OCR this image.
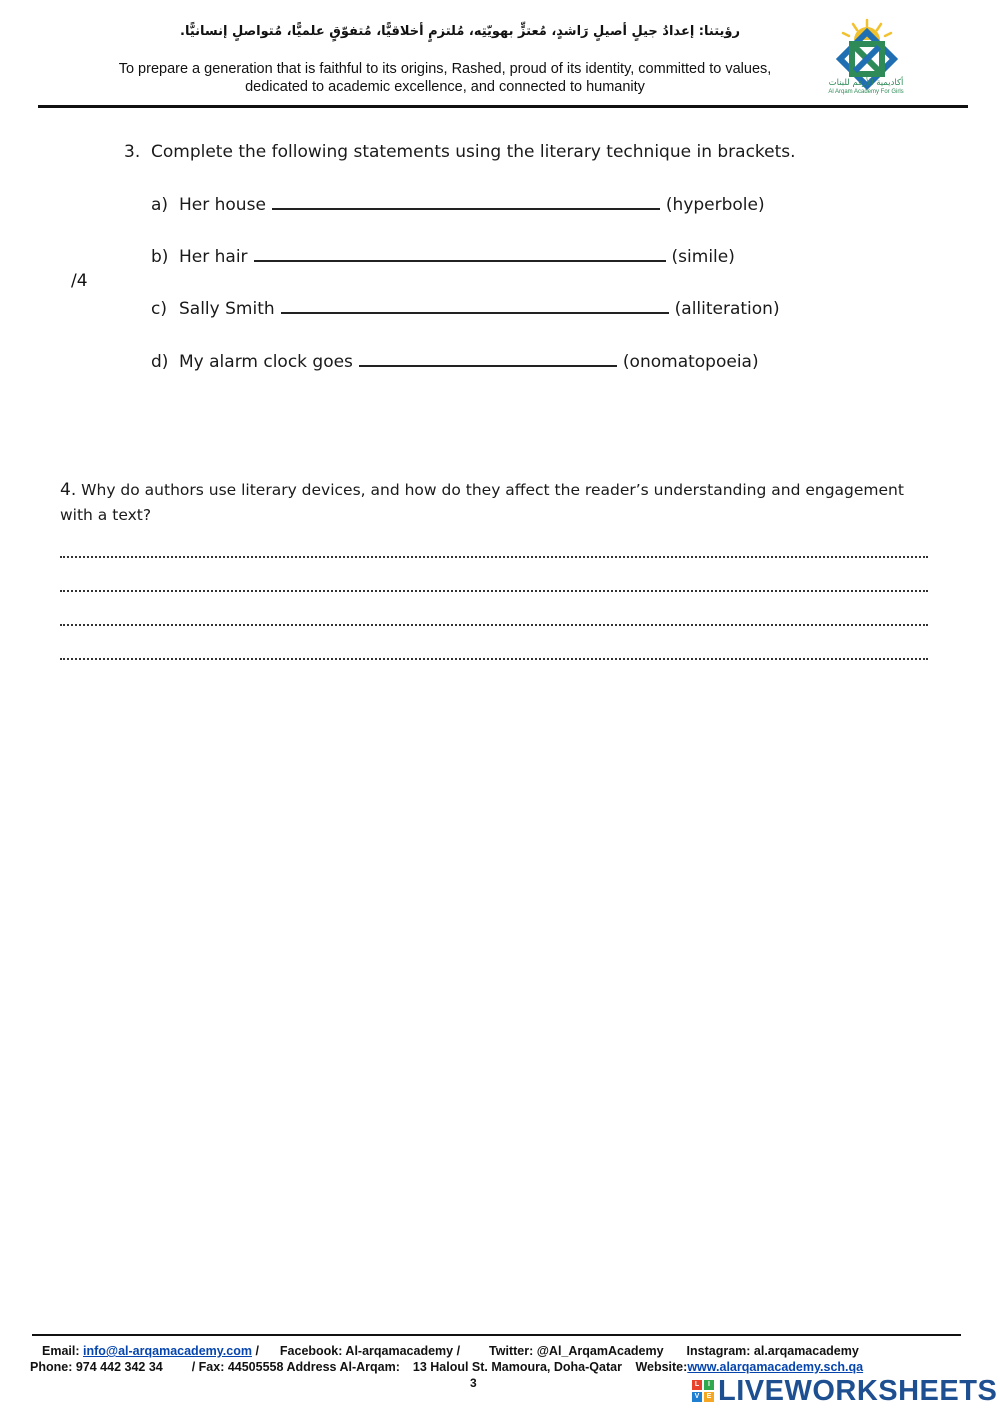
رؤيتنا: إعدادُ جيلٍ أصيلٍ رَاشدٍ، مُعتزٍّ بهويّتِه، مُلتزمٍ أخلاقيًّا، مُتفوّقٍ علميًّا، مُتواصلٍ إنسانيًّا.
To prepare a generation that is faithful to its origins, Rashed, proud of its identity, committed to values,
dedicated to academic excellence, and connected to humanity	أكاديمية الأرقم للبنات
Al Arqam Academy For Girls
3. Complete the following statements using the literary technique in brackets.
a) Her house	(hyperbole)
b) Her hair	(simile)
/4
c) Sally Smith	(alliteration)
d) My alarm clock goes	(onomatopoeia)
4. Why do authors use literary devices, and how do they affect the reader’s understanding and engagement with a text?
Email: info@al-arqamacademy.com / Facebook: Al-arqamacademy / Twitter: @Al_ArqamAcademy Instagram: al.arqamacademy
Phone: 974 442 342 34 / Fax: 44505558 Address Al-Arqam: 13 Haloul St. Mamoura, Doha-Qatar Website:www.alarqamacademy.sch.qa
3	L	I
V	E LIVEWORKSHEETS
